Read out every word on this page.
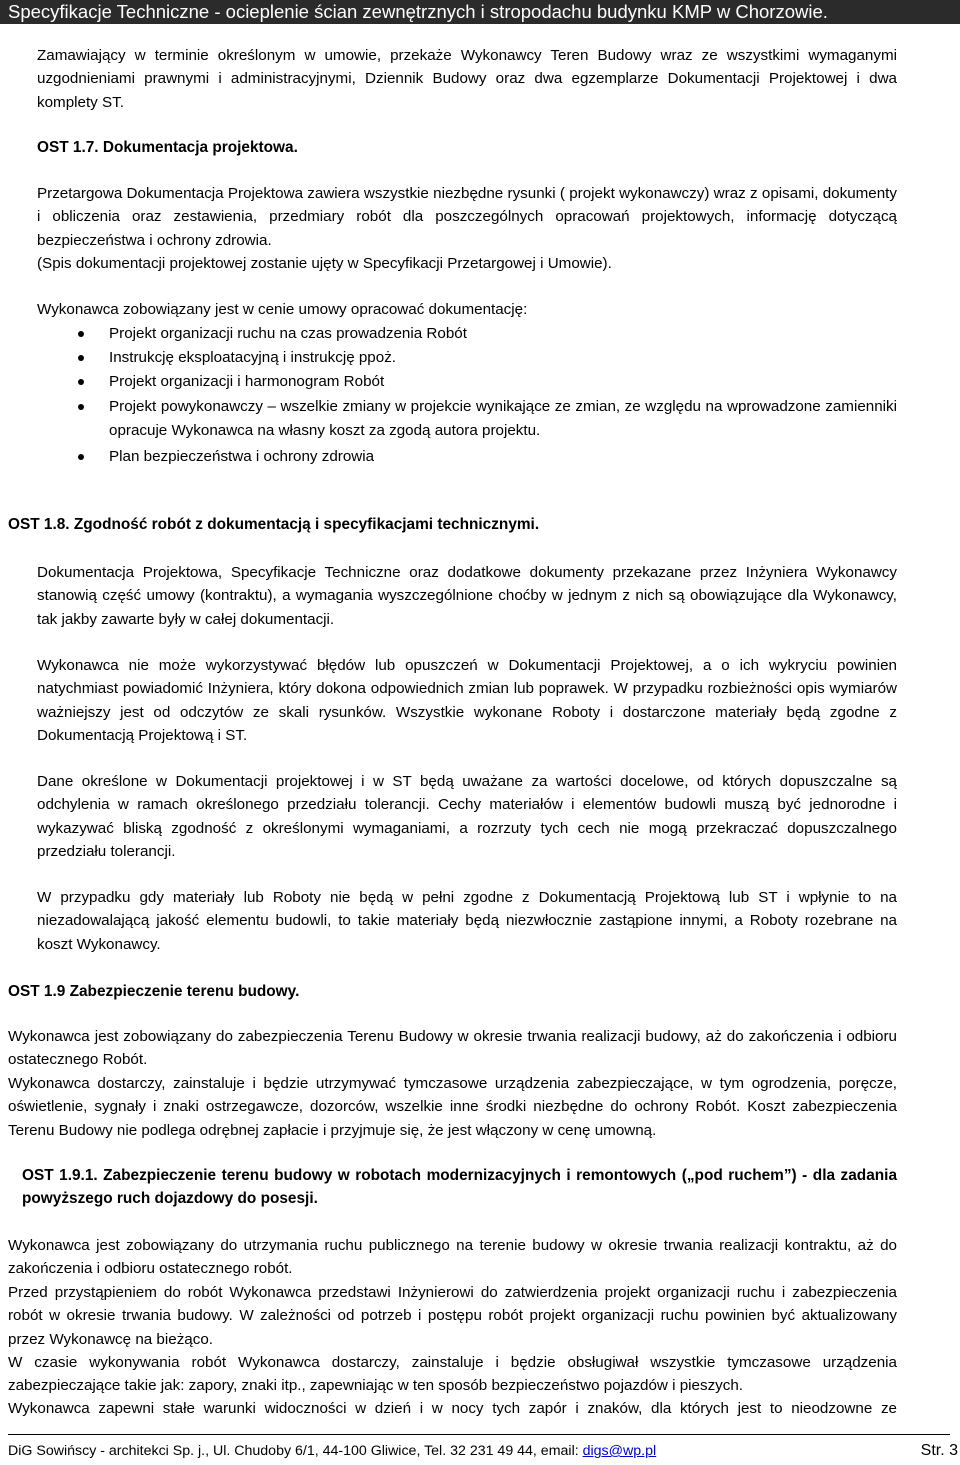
Specyfikacje Techniczne - ocieplenie ścian zewnętrznych i stropodachu budynku KMP w Chorzowie.
Zamawiający w terminie określonym w umowie, przekaże Wykonawcy Teren Budowy wraz ze wszystkimi wymaganymi uzgodnieniami prawnymi i administracyjnymi, Dziennik Budowy oraz dwa egzemplarze Dokumentacji Projektowej i dwa komplety ST.
OST 1.7. Dokumentacja projektowa.
Przetargowa Dokumentacja Projektowa zawiera wszystkie niezbędne rysunki ( projekt wykonawczy) wraz z opisami, dokumenty i obliczenia oraz zestawienia, przedmiary robót dla poszczególnych opracowań projektowych, informację dotyczącą bezpieczeństwa i ochrony zdrowia.
(Spis dokumentacji projektowej zostanie ujęty w Specyfikacji Przetargowej i Umowie).
Wykonawca zobowiązany jest w cenie umowy opracować dokumentację:
Projekt organizacji ruchu na czas prowadzenia Robót
Instrukcję eksploatacyjną i instrukcję ppoż.
Projekt organizacji i harmonogram Robót
Projekt powykonawczy – wszelkie zmiany w projekcie wynikające ze zmian, ze względu na wprowadzone zamienniki opracuje Wykonawca na własny koszt za zgodą autora projektu.
Plan bezpieczeństwa i ochrony zdrowia
OST 1.8. Zgodność robót z dokumentacją i specyfikacjami technicznymi.
Dokumentacja Projektowa, Specyfikacje Techniczne oraz dodatkowe dokumenty przekazane przez Inżyniera Wykonawcy stanowią część umowy (kontraktu), a wymagania wyszczególnione choćby w jednym z nich są obowiązujące dla Wykonawcy, tak jakby zawarte były w całej dokumentacji.
Wykonawca nie może wykorzystywać błędów lub opuszczeń w Dokumentacji Projektowej, a o ich wykryciu powinien natychmiast powiadomić Inżyniera, który dokona odpowiednich zmian lub poprawek. W przypadku rozbieżności opis wymiarów ważniejszy jest od odczytów ze skali rysunków. Wszystkie wykonane Roboty i dostarczone materiały będą zgodne z Dokumentacją Projektową i ST.
Dane określone w Dokumentacji projektowej i w ST będą uważane za wartości docelowe, od których dopuszczalne są odchylenia w ramach określonego przedziału tolerancji. Cechy materiałów i elementów budowli muszą być jednorodne i wykazywać bliską zgodność z określonymi wymaganiami, a rozrzuty tych cech nie mogą przekraczać dopuszczalnego przedziału tolerancji.
W przypadku gdy materiały lub Roboty nie będą w pełni zgodne z Dokumentacją Projektową lub ST i wpłynie to na niezadowalającą jakość elementu budowli, to takie materiały będą niezwłocznie zastąpione innymi, a Roboty rozebrane na koszt Wykonawcy.
OST 1.9 Zabezpieczenie terenu budowy.
Wykonawca jest zobowiązany do zabezpieczenia Terenu Budowy w okresie trwania realizacji budowy, aż do zakończenia i odbioru ostatecznego Robót.
Wykonawca dostarczy, zainstaluje i będzie utrzymywać tymczasowe urządzenia zabezpieczające, w tym ogrodzenia, poręcze, oświetlenie, sygnały i znaki ostrzegawcze, dozorców, wszelkie inne środki niezbędne do ochrony Robót. Koszt zabezpieczenia Terenu Budowy nie podlega odrębnej zapłacie i przyjmuje się, że jest włączony w cenę umowną.
OST 1.9.1. Zabezpieczenie terenu budowy w robotach modernizacyjnych i remontowych („pod ruchem”) - dla zadania powyższego ruch dojazdowy do posesji.
Wykonawca jest zobowiązany do utrzymania ruchu publicznego na terenie budowy w okresie trwania realizacji kontraktu, aż do zakończenia i odbioru ostatecznego robót.
Przed przystąpieniem do robót Wykonawca przedstawi Inżynierowi do zatwierdzenia projekt organizacji ruchu i zabezpieczenia robót w okresie trwania budowy. W zależności od potrzeb i postępu robót projekt organizacji ruchu powinien być aktualizowany przez Wykonawcę na bieżąco.
W czasie wykonywania robót Wykonawca dostarczy, zainstaluje i będzie obsługiwał wszystkie tymczasowe urządzenia zabezpieczające takie jak: zapory, znaki itp., zapewniając w ten sposób bezpieczeństwo pojazdów i pieszych.
Wykonawca zapewni stałe warunki widoczności w dzień i w nocy tych zapór i znaków, dla których jest to nieodzowne ze
DiG Sowińscy - architekci Sp. j., Ul. Chudoby 6/1, 44-100 Gliwice, Tel. 32 231 49 44, email: digs@wp.pl	Str. 3
